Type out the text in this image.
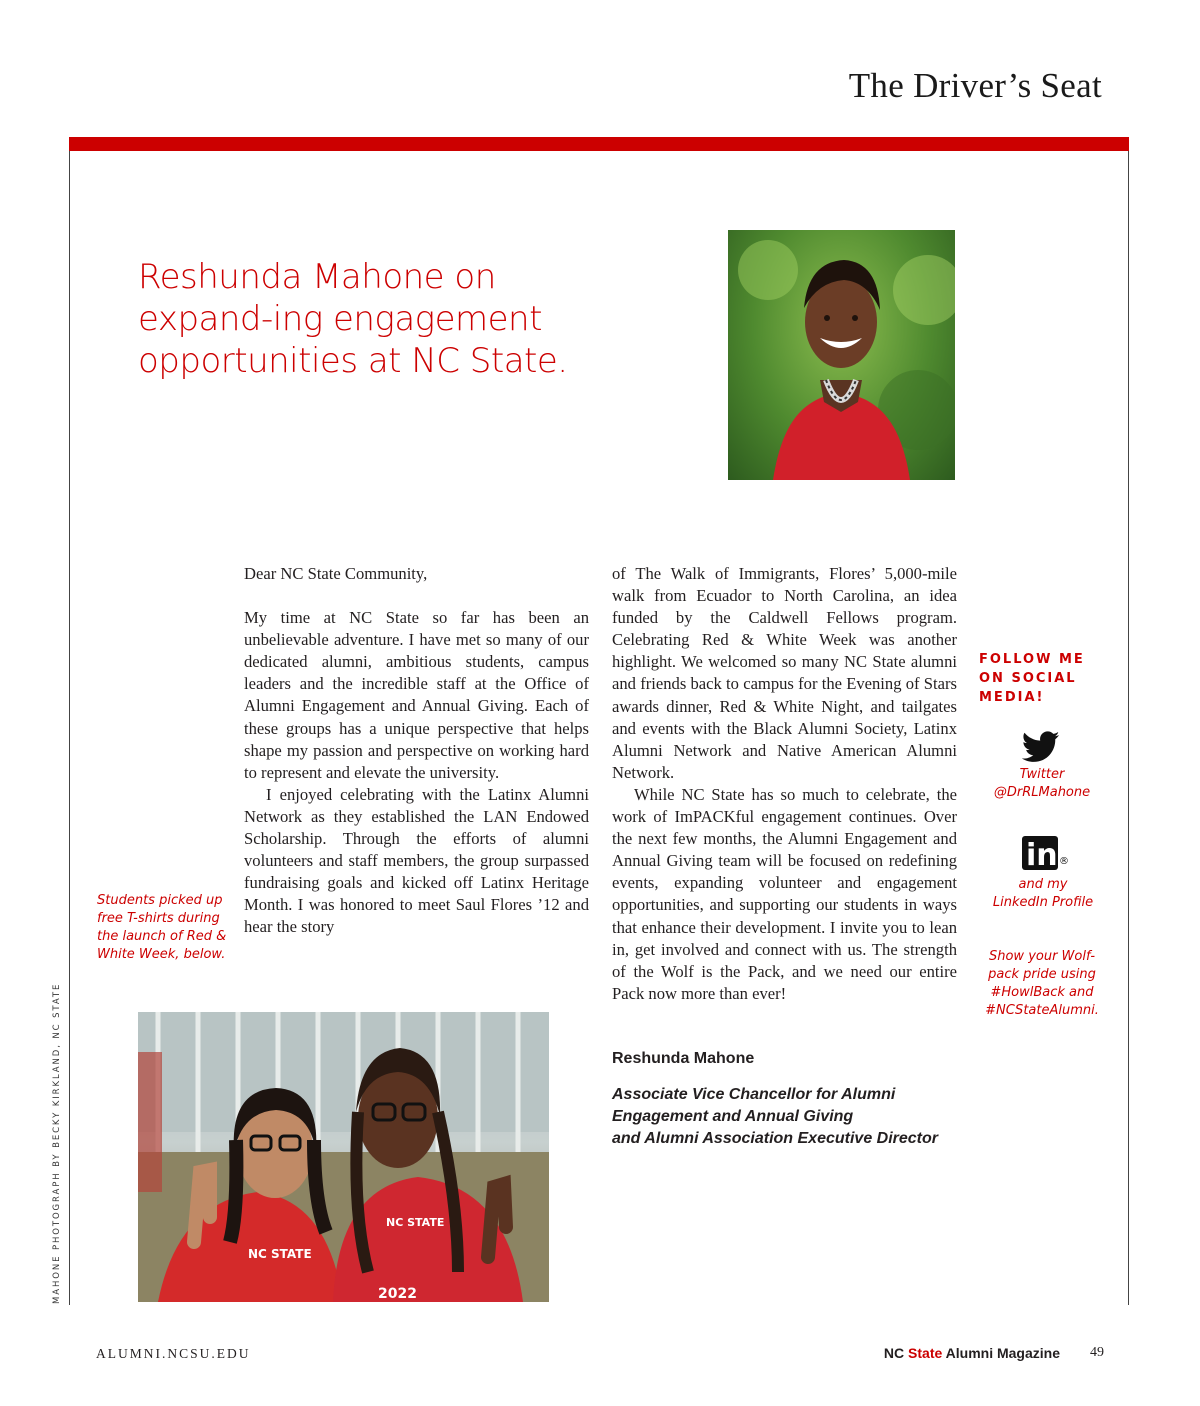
The Driver’s Seat
Reshunda Mahone on expand-ing engagement opportunities at NC State.

Dear NC State Community,

My time at NC State so far has been an unbelievable adventure. I have met so many of our dedicated alumni, ambitious students, campus leaders and the incredible staff at the Office of Alumni Engagement and Annual Giving. Each of these groups has a unique perspective that helps shape my passion and perspective on working hard to represent and elevate the university.

I enjoyed celebrating with the Latinx Alumni Network as they established the LAN Endowed Scholarship. Through the efforts of alumni volunteers and staff members, the group surpassed fundraising goals and kicked off Latinx Heritage Month. I was honored to meet Saul Flores ’12 and hear the story

of The Walk of Immigrants, Flores’ 5,000-mile walk from Ecuador to North Carolina, an idea funded by the Caldwell Fellows program. Celebrating Red & White Week was another highlight. We welcomed so many NC State alumni and friends back to campus for the Evening of Stars awards dinner, Red & White Night, and tailgates and events with the Black Alumni Society, Latinx Alumni Network and Native American Alumni Network.

While NC State has so much to celebrate, the work of ImPACKful engagement continues. Over the next few months, the Alumni Engagement and Annual Giving team will be focused on redefining events, expanding volunteer and engagement opportunities, and supporting our students in ways that enhance their development. I invite you to lean in, get involved and connect with us. The strength of the Wolf is the Pack, and we need our entire Pack now more than ever!

Reshunda Mahone
Associate Vice Chancellor for Alumni
Engagement and Annual Giving
and Alumni Association Executive Director
Students picked up free T-shirts during the launch of Red & White Week, below.
NC STATE
NC STATE
2022
MAHONE PHOTOGRAPH BY BECKY KIRKLAND, NC STATE
FOLLOW ME
ON SOCIAL
MEDIA!
Twitter
@DrRLMahone
in ®
and my
LinkedIn Profile
Show your Wolf-
pack pride using
#HowlBack and
#NCStateAlumni.
ALUMNI.NCSU.EDU	NC State Alumni Magazine 49
